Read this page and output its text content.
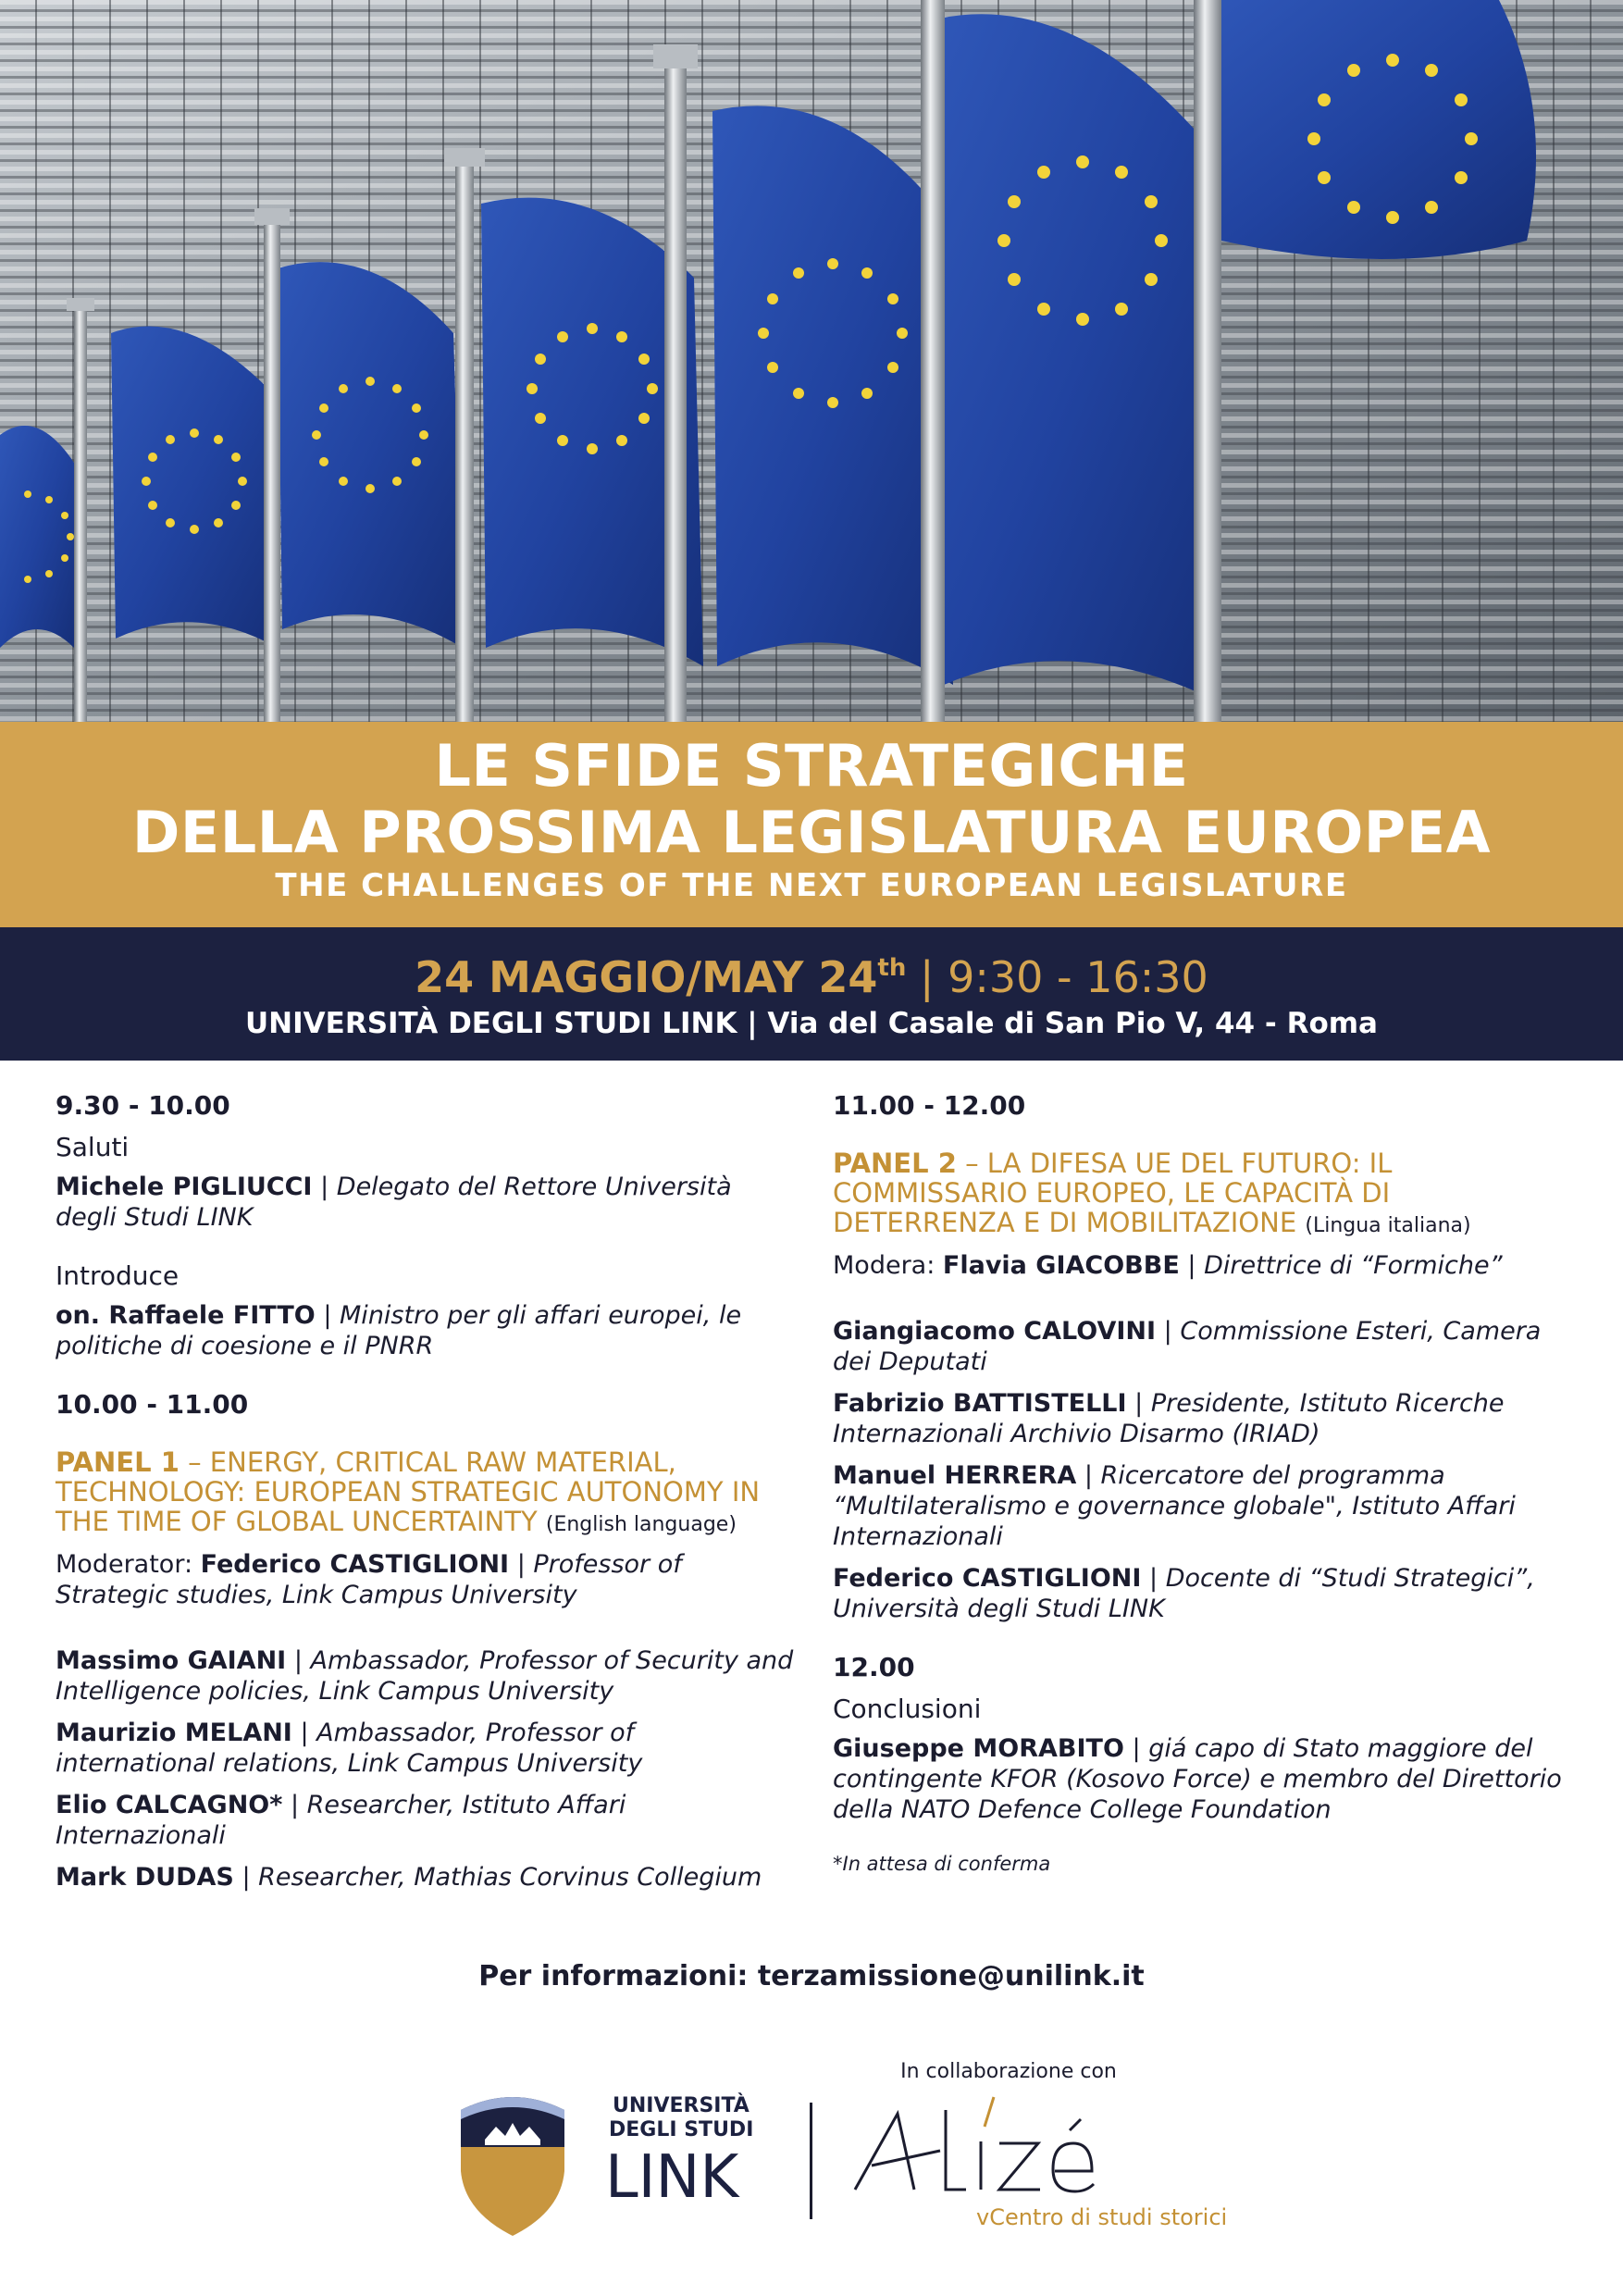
LE SFIDE STRATEGICHE
DELLA PROSSIMA LEGISLATURA EUROPEA
THE CHALLENGES OF THE NEXT EUROPEAN LEGISLATURE
24 MAGGIO/MAY 24th | 9:30 - 16:30
UNIVERSITÀ DEGLI STUDI LINK | Via del Casale di San Pio V, 44 - Roma
9.30 - 10.00
Saluti
Michele PIGLIUCCI | Delegato del Rettore Università degli Studi LINK
Introduce
on. Raffaele FITTO | Ministro per gli affari europei, le politiche di coesione e il PNRR
10.00 - 11.00
PANEL 1 – ENERGY, CRITICAL RAW MATERIAL, TECHNOLOGY: EUROPEAN STRATEGIC AUTONOMY IN THE TIME OF GLOBAL UNCERTAINTY (English language)
Moderator: Federico CASTIGLIONI | Professor of Strategic studies, Link Campus University
Massimo GAIANI | Ambassador, Professor of Security and Intelligence policies, Link Campus University
Maurizio MELANI | Ambassador, Professor of international relations, Link Campus University
Elio CALCAGNO* | Researcher, Istituto Affari Internazionali
Mark DUDAS | Researcher, Mathias Corvinus Collegium
11.00 - 12.00
PANEL 2 – LA DIFESA UE DEL FUTURO: IL COMMISSARIO EUROPEO, LE CAPACITÀ DI DETERRENZA E DI MOBILITAZIONE (Lingua italiana)
Modera: Flavia GIACOBBE | Direttrice di “Formiche”
Giangiacomo CALOVINI | Commissione Esteri, Camera dei Deputati
Fabrizio BATTISTELLI | Presidente, Istituto Ricerche Internazionali Archivio Disarmo (IRIAD)
Manuel HERRERA | Ricercatore del programma “Multilateralismo e governance globale", Istituto Affari Internazionali
Federico CASTIGLIONI | Docente di “Studi Strategici”, Università degli Studi LINK
12.00
Conclusioni
Giuseppe MORABITO | giá capo di Stato maggiore del contingente KFOR (Kosovo Force) e membro del Direttorio della NATO Defence College Foundation
*In attesa di conferma
Per informazioni: terzamissione@unilink.it
In collaborazione con
UNIVERSITÀ
DEGLI STUDI
LINK
vCentro di studi storici
